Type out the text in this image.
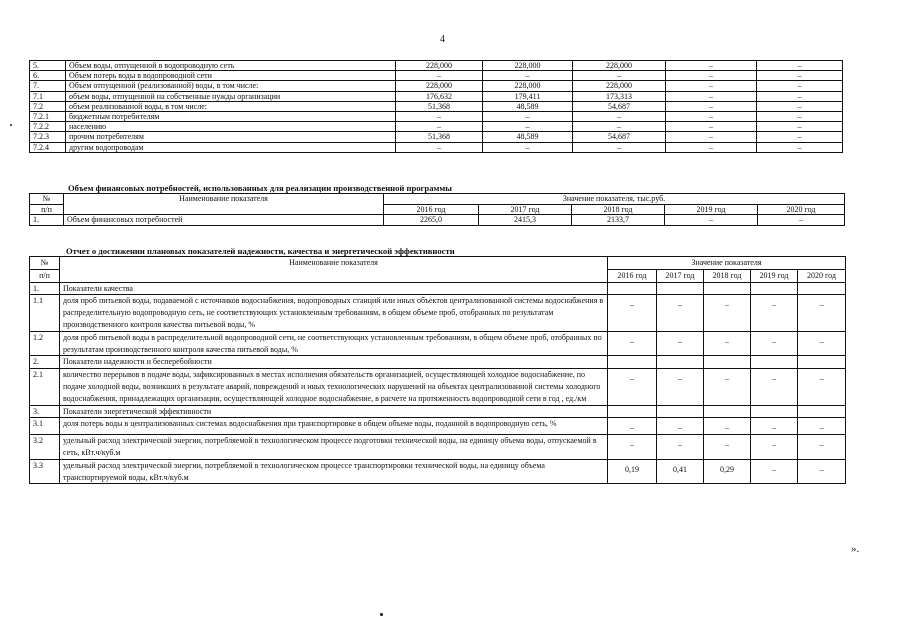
4
5.	Объем воды, отпущенной в водопроводную сеть	228,000	228,000	228,000	–	–
6.	Объем потерь воды в водопроводной сети	–	–	–	–	–
7.	Объем отпущенной (реализованной) воды, в том числе:	228,000	228,000	228,000	–	–
7.1	объем воды, отпущенной на собственные нужды организации	176,632	179,411	173,313	–	–
7.2	объем реализованной воды, в том числе:	51,368	48,589	54,687	–	–
7.2.1	бюджетным потребителям	–	–	–	–	–
7.2.2	населению	–	–	–	–	–
7.2.3	прочим потребителям	51,368	48,589	54,687	–	–
7.2.4	другим водопроводам	–	–	–	–	–
Объем финансовых потребностей, использованных для реализации производственной программы
№	Наименование показателя	Значение показателя, тыс.руб.				
п/п		2016 год	2017 год	2018 год	2019 год	2020 год
1.	Объем финансовых потребностей	2265,0	2415,3	2133,7	–	–
Отчет о достижении плановых показателей надежности, качества и энергетической эффективности
№	Наименование показателя	Значение показателя				
п/п		2016 год	2017 год	2018 год	2019 год	2020 год
1.	Показатели качества					
1.1	доля проб питьевой воды, подаваемой с источников водоснабжения, водопроводных станций или иных объектов централизованной системы водоснабжения в распределительную водопроводную сеть, не соответствующих установленным требованиям, в общем объеме проб, отобранных по результатам производственного контроля качества питьевой воды, %	–	–	–	–	–
1.2	доля проб питьевой воды в распределительной водопроводной сети, не соответствующих установленным требованиям, в общем объеме проб, отобранных по результатам производственного контроля качества питьевой воды, %	–	–	–	–	–
2.	Показатели надежности и бесперебойности					
2.1	количество перерывов в подаче воды, зафиксированных в местах исполнения обязательств организацией, осуществляющей холодное водоснабжение, по подаче холодной воды, возникших в результате аварий, повреждений и иных технологических нарушений на объектах централизованной системы холодного водоснабжения, принадлежащих организации, осуществляющей холодное водоснабжение, в расчете на протяженность водопроводной сети в год , ед./км	–	–	–	–	–
3.	Показатели энергетической эффективности					
3.1	доля потерь воды в централизованных системах водоснабжения при транспортировке в общем объеме воды, поданной в водопроводную сеть, %	–	–	–	–	–
3.2	удельный расход электрической энергии, потребляемой в технологическом процессе подготовки технической воды, на единицу объема воды, отпускаемой в сеть, кВт.ч/куб.м	–	–	–	–	–
3.3	удельный расход электрической энергии, потребляемой в технологическом процессе транспортировки технической воды, на единицу объема транспортируемой воды, кВт.ч/куб.м	0,19	0,41	0,29	–	–
».
